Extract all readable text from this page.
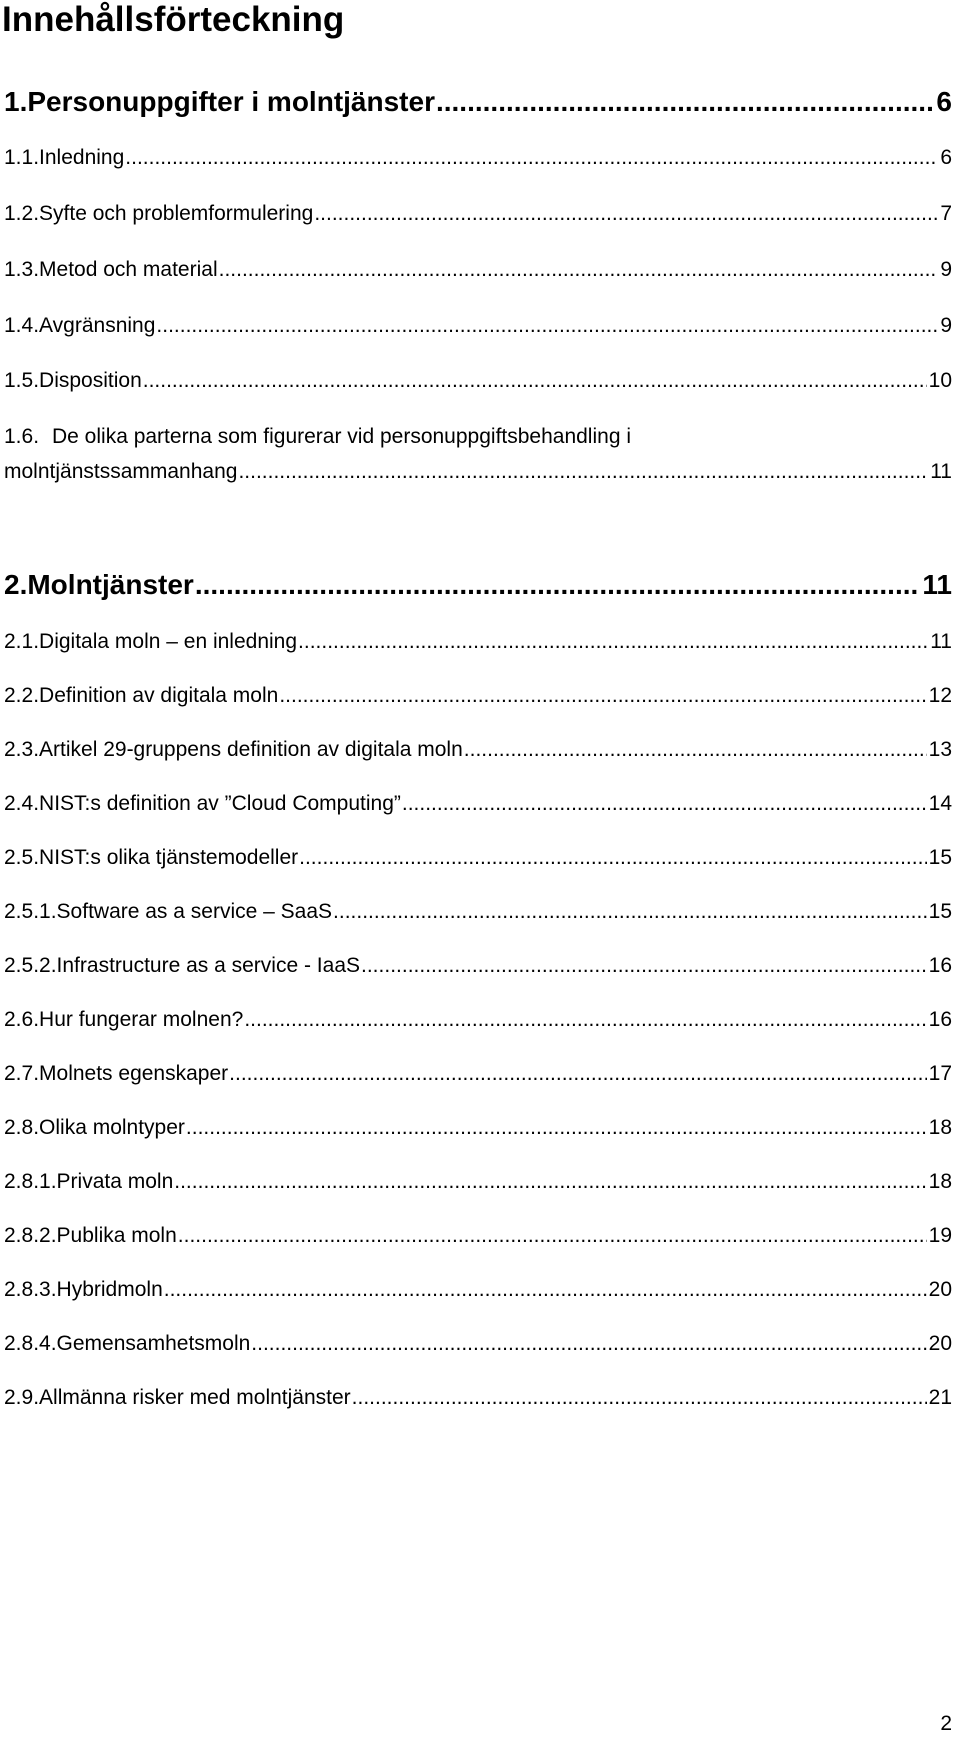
Innehållsförteckning
1. Personuppgifter i molntjänster .....	6
1.1. Inledning .....	6
1.2. Syfte och problemformulering .....	7
1.3. Metod och material .....	9
1.4. Avgränsning .....	9
1.5. Disposition .....	10
1.6. De olika parterna som figurerar vid personuppgiftsbehandling i
molntjänstssammanhang .....	11
2. Molntjänster .....	11
2.1. Digitala moln – en inledning .....	11
2.2. Definition av digitala moln .....	12
2.3. Artikel 29-gruppens definition av digitala moln .....	13
2.4. NIST:s definition av ”Cloud Computing” .....	14
2.5. NIST:s olika tjänstemodeller .....	15
2.5.1. Software as a service – SaaS .....	15
2.5.2. Infrastructure as a service - IaaS .....	16
2.6. Hur fungerar molnen? .....	16
2.7. Molnets egenskaper .....	17
2.8. Olika molntyper .....	18
2.8.1. Privata moln .....	18
2.8.2. Publika moln .....	19
2.8.3. Hybridmoln .....	20
2.8.4. Gemensamhetsmoln .....	20
2.9. Allmänna risker med molntjänster .....	21
2
